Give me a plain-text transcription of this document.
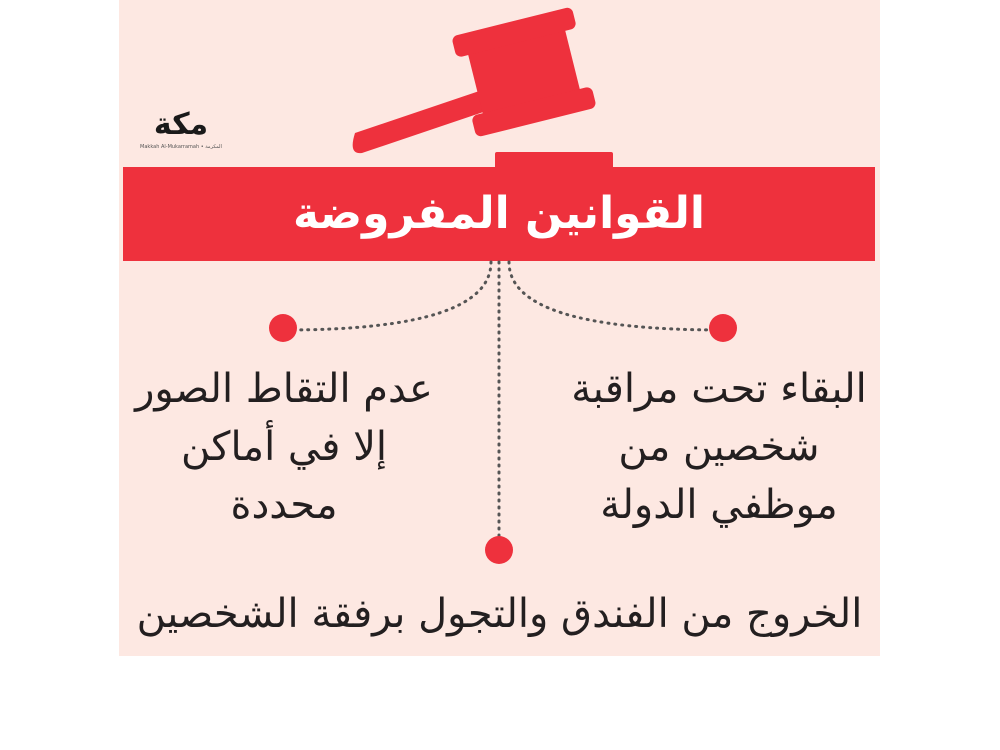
مكة
Makkah Al-Mukarramah • المكرمة
القوانين المفروضة
البقاء تحت مراقبة
شخصين من
موظفي الدولة
عدم التقاط الصور
إلا في أماكن
محددة
الخروج من الفندق والتجول برفقة الشخصين
